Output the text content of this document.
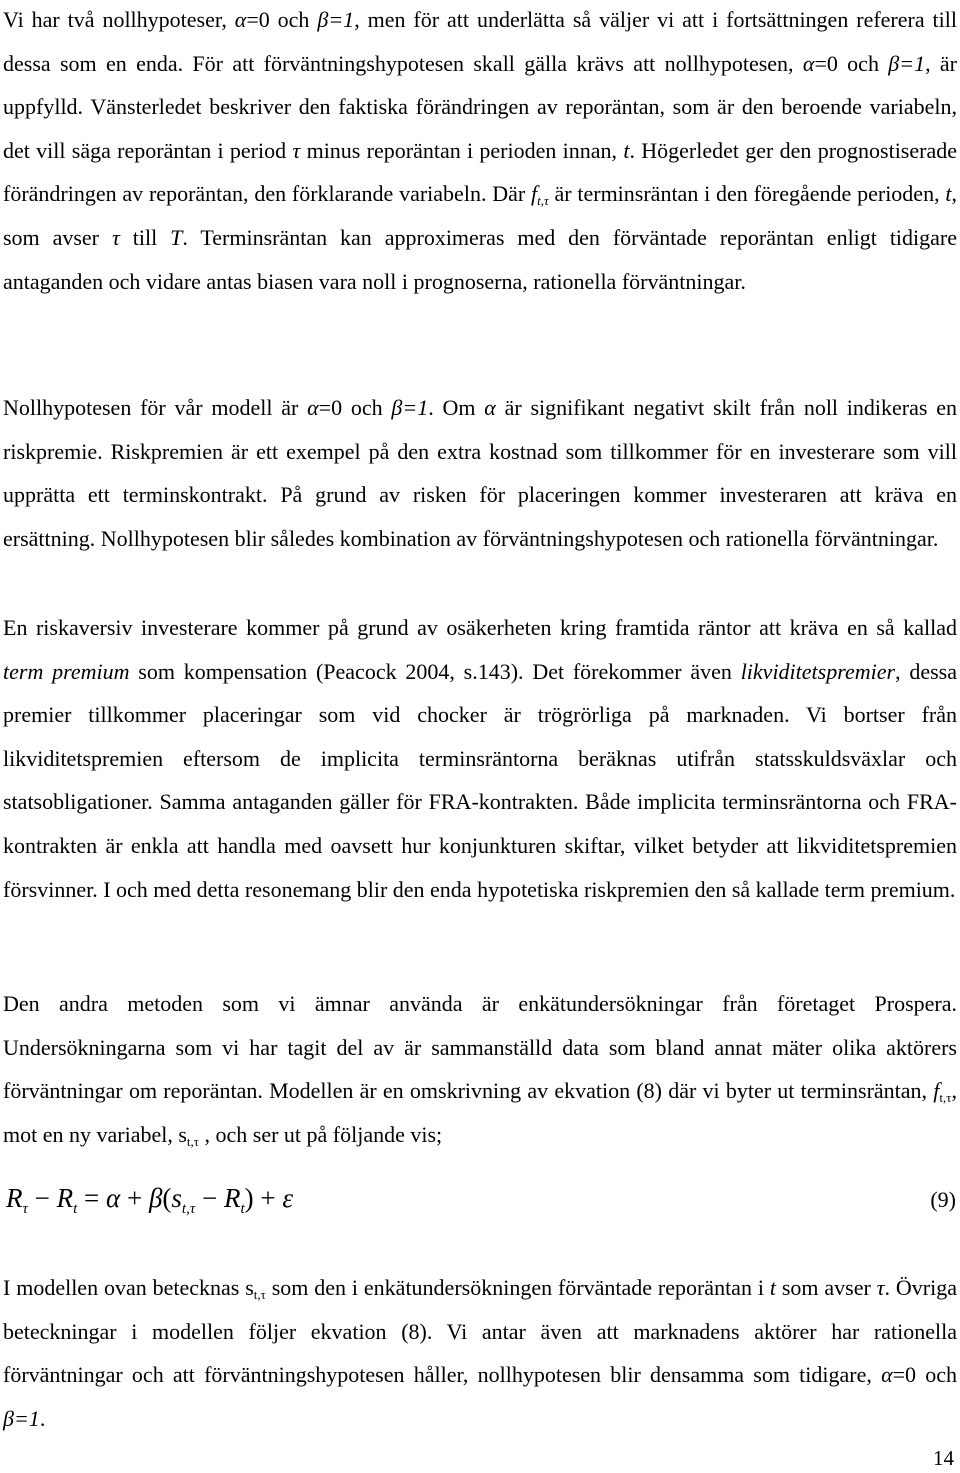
Vi har två nollhypoteser, α=0 och β=1, men för att underlätta så väljer vi att i fortsättningen referera till dessa som en enda. För att förväntningshypotesen skall gälla krävs att nollhypotesen, α=0 och β=1, är uppfylld. Vänsterledet beskriver den faktiska förändringen av reporäntan, som är den beroende variabeln, det vill säga reporäntan i period τ minus reporäntan i perioden innan, t. Högerledet ger den prognostiserade förändringen av reporäntan, den förklarande variabeln. Där $f_{t,\tau}$ är terminsräntan i den föregående perioden, t, som avser τ till T. Terminsräntan kan approximeras med den förväntade reporäntan enligt tidigare antaganden och vidare antas biasen vara noll i prognoserna, rationella förväntningar.
Nollhypotesen för vår modell är α=0 och β=1. Om α är signifikant negativt skilt från noll indikeras en riskpremie. Riskpremien är ett exempel på den extra kostnad som tillkommer för en investerare som vill upprätta ett terminskontrakt. På grund av risken för placeringen kommer investeraren att kräva en ersättning. Nollhypotesen blir således kombination av förväntningshypotesen och rationella förväntningar.
En riskaversiv investerare kommer på grund av osäkerheten kring framtida räntor att kräva en så kallad term premium som kompensation (Peacock 2004, s.143). Det förekommer även likviditetspremier, dessa premier tillkommer placeringar som vid chocker är trögrörliga på marknaden. Vi bortser från likviditetspremien eftersom de implicita terminsräntorna beräknas utifrån statsskuldsväxlar och statsobligationer. Samma antaganden gäller för FRA-kontrakten. Både implicita terminsräntorna och FRA-kontrakten är enkla att handla med oavsett hur konjunkturen skiftar, vilket betyder att likviditetspremien försvinner. I och med detta resonemang blir den enda hypotetiska riskpremien den så kallade term premium.
Den andra metoden som vi ämnar använda är enkätundersökningar från företaget Prospera. Undersökningarna som vi har tagit del av är sammanställd data som bland annat mäter olika aktörers förväntningar om reporäntan. Modellen är en omskrivning av ekvation (8) där vi byter ut terminsräntan, $f_{t,\tau}$, mot en ny variabel, $s_{t,\tau}$ , och ser ut på följande vis;
$R_\tau - R_t = \alpha + \beta(s_{t,\tau} - R_t) + \varepsilon$	(9)
I modellen ovan betecknas $s_{t,\tau}$ som den i enkätundersökningen förväntade reporäntan i t som avser τ. Övriga beteckningar i modellen följer ekvation (8). Vi antar även att marknadens aktörer har rationella förväntningar och att förväntningshypotesen håller, nollhypotesen blir densamma som tidigare, α=0 och β=1.
14
